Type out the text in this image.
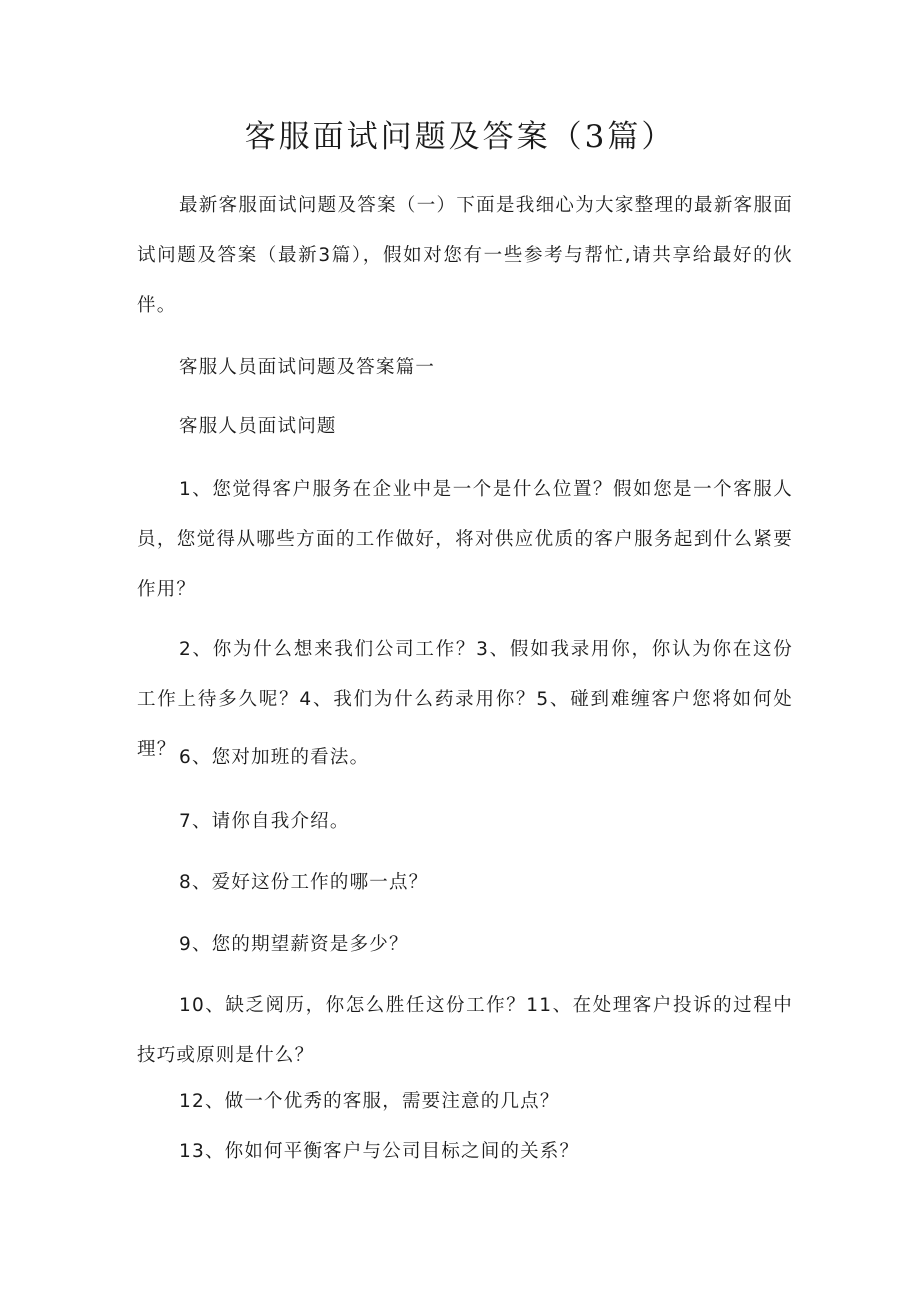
客服面试问题及答案（3篇）

最新客服面试问题及答案（一）下面是我细心为大家整理的最新客服面试问题及答案（最新3篇），假如对您有一些参考与帮忙,请共享给最好的伙伴。

客服人员面试问题及答案篇一

客服人员面试问题

1、您觉得客户服务在企业中是一个是什么位置？假如您是一个客服人员，您觉得从哪些方面的工作做好，将对供应优质的客户服务起到什么紧要作用？

2、你为什么想来我们公司工作？3、假如我录用你，你认为你在这份工作上待多久呢？4、我们为什么药录用你？5、碰到难缠客户您将如何处理？ 6、您对加班的看法。

7、请你自我介绍。

8、爱好这份工作的哪一点？

9、您的期望薪资是多少？

10、缺乏阅历，你怎么胜任这份工作？11、在处理客户投诉的过程中技巧或原则是什么？

12、做一个优秀的客服，需要注意的几点？

13、你如何平衡客户与公司目标之间的关系？
